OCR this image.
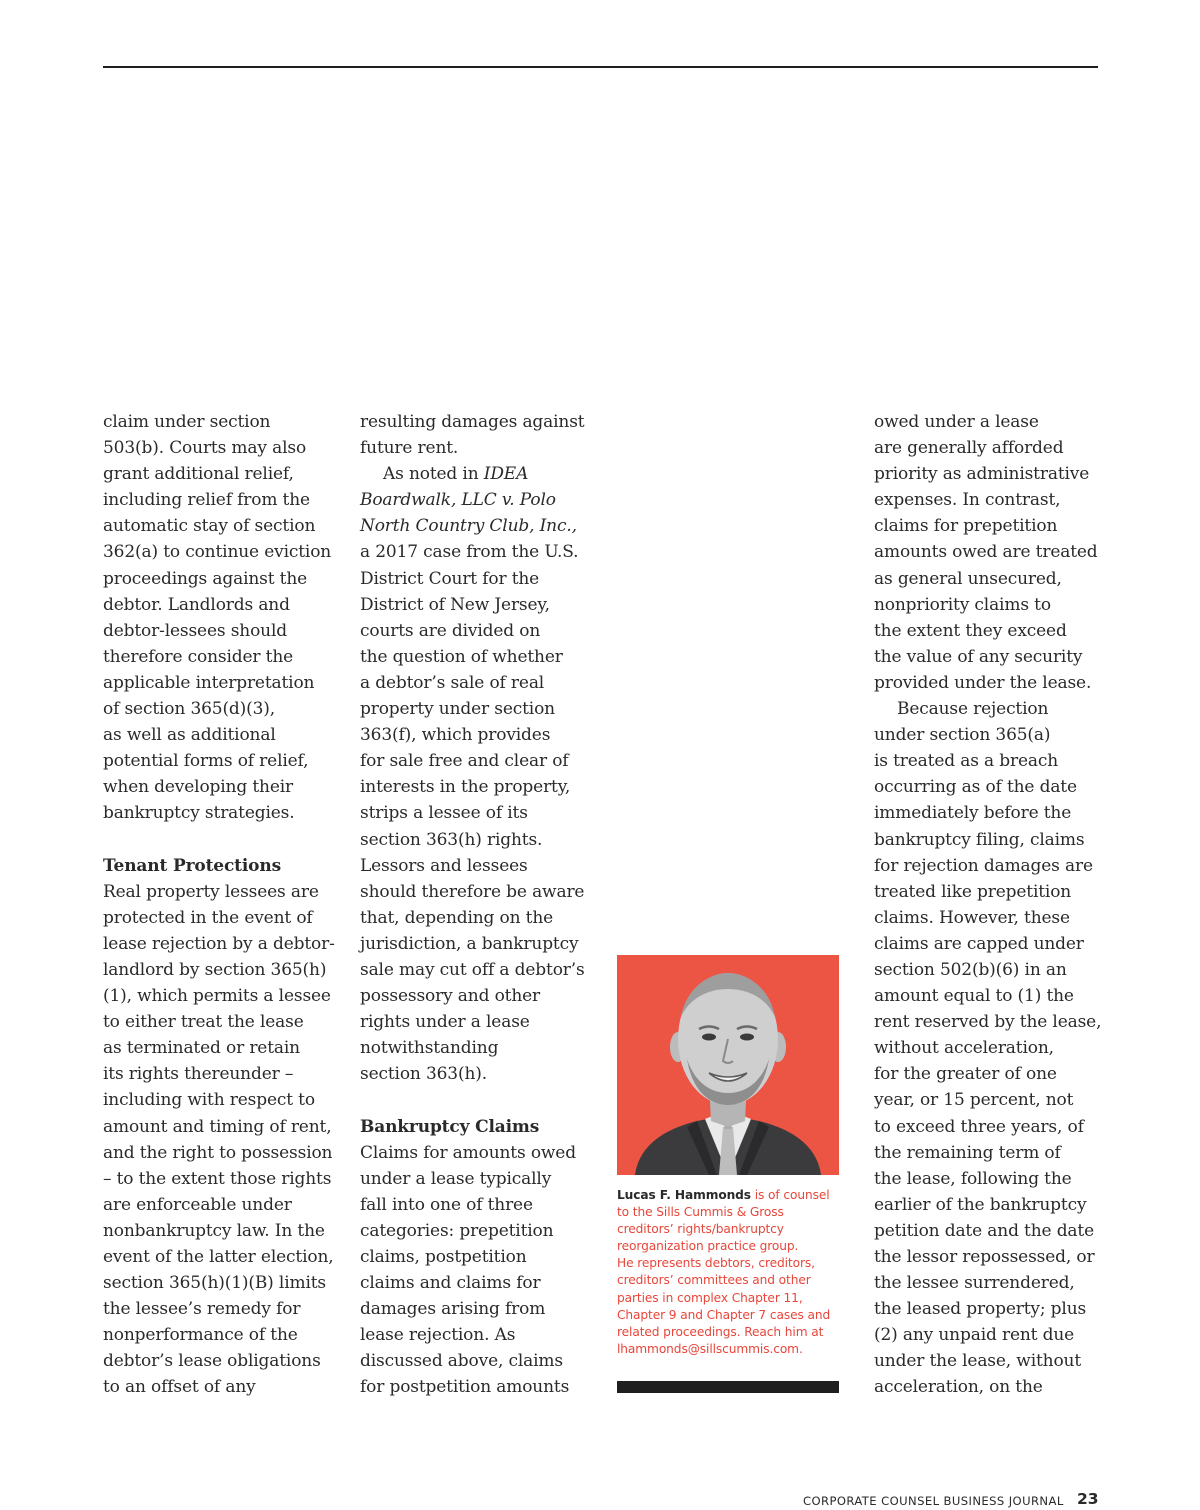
claim under section
503(b). Courts may also
grant additional relief,
including relief from the
automatic stay of section
362(a) to continue eviction
proceedings against the
debtor. Landlords and
debtor-lessees should
therefore consider the
applicable interpretation
of section 365(d)(3),
as well as additional
potential forms of relief,
when developing their
bankruptcy strategies.
Tenant Protections
Real property lessees are
protected in the event of
lease rejection by a debtor-
landlord by section 365(h)
(1), which permits a lessee
to either treat the lease
as terminated or retain
its rights thereunder –
including with respect to
amount and timing of rent,
and the right to possession
– to the extent those rights
are enforceable under
nonbankruptcy law. In the
event of the latter election,
section 365(h)(1)(B) limits
the lessee’s remedy for
nonperformance of the
debtor’s lease obligations
to an offset of any
resulting damages against
future rent.
As noted in IDEA
Boardwalk, LLC v. Polo
North Country Club, Inc.,
a 2017 case from the U.S.
District Court for the
District of New Jersey,
courts are divided on
the question of whether
a debtor’s sale of real
property under section
363(f), which provides
for sale free and clear of
interests in the property,
strips a lessee of its
section 363(h) rights.
Lessors and lessees
should therefore be aware
that, depending on the
jurisdiction, a bankruptcy
sale may cut off a debtor’s
possessory and other
rights under a lease
notwithstanding
section 363(h).
Bankruptcy Claims
Claims for amounts owed
under a lease typically
fall into one of three
categories: prepetition
claims, postpetition
claims and claims for
damages arising from
lease rejection. As
discussed above, claims
for postpetition amounts
owed under a lease
are generally afforded
priority as administrative
expenses. In contrast,
claims for prepetition
amounts owed are treated
as general unsecured,
nonpriority claims to
the extent they exceed
the value of any security
provided under the lease.
Because rejection
under section 365(a)
is treated as a breach
occurring as of the date
immediately before the
bankruptcy filing, claims
for rejection damages are
treated like prepetition
claims. However, these
claims are capped under
section 502(b)(6) in an
amount equal to (1) the
rent reserved by the lease,
without acceleration,
for the greater of one
year, or 15 percent, not
to exceed three years, of
the remaining term of
the lease, following the
earlier of the bankruptcy
petition date and the date
the lessor repossessed, or
the lessee surrendered,
the leased property; plus
(2) any unpaid rent due
under the lease, without
acceleration, on the
Lucas F. Hammonds is of counsel
to the Sills Cummis & Gross
creditors’ rights/bankruptcy
reorganization practice group.
He represents debtors, creditors,
creditors’ committees and other
parties in complex Chapter 11,
Chapter 9 and Chapter 7 cases and
related proceedings. Reach him at
lhammonds@sillscummis.com.
CORPORATE COUNSEL BUSINESS JOURNAL 23
